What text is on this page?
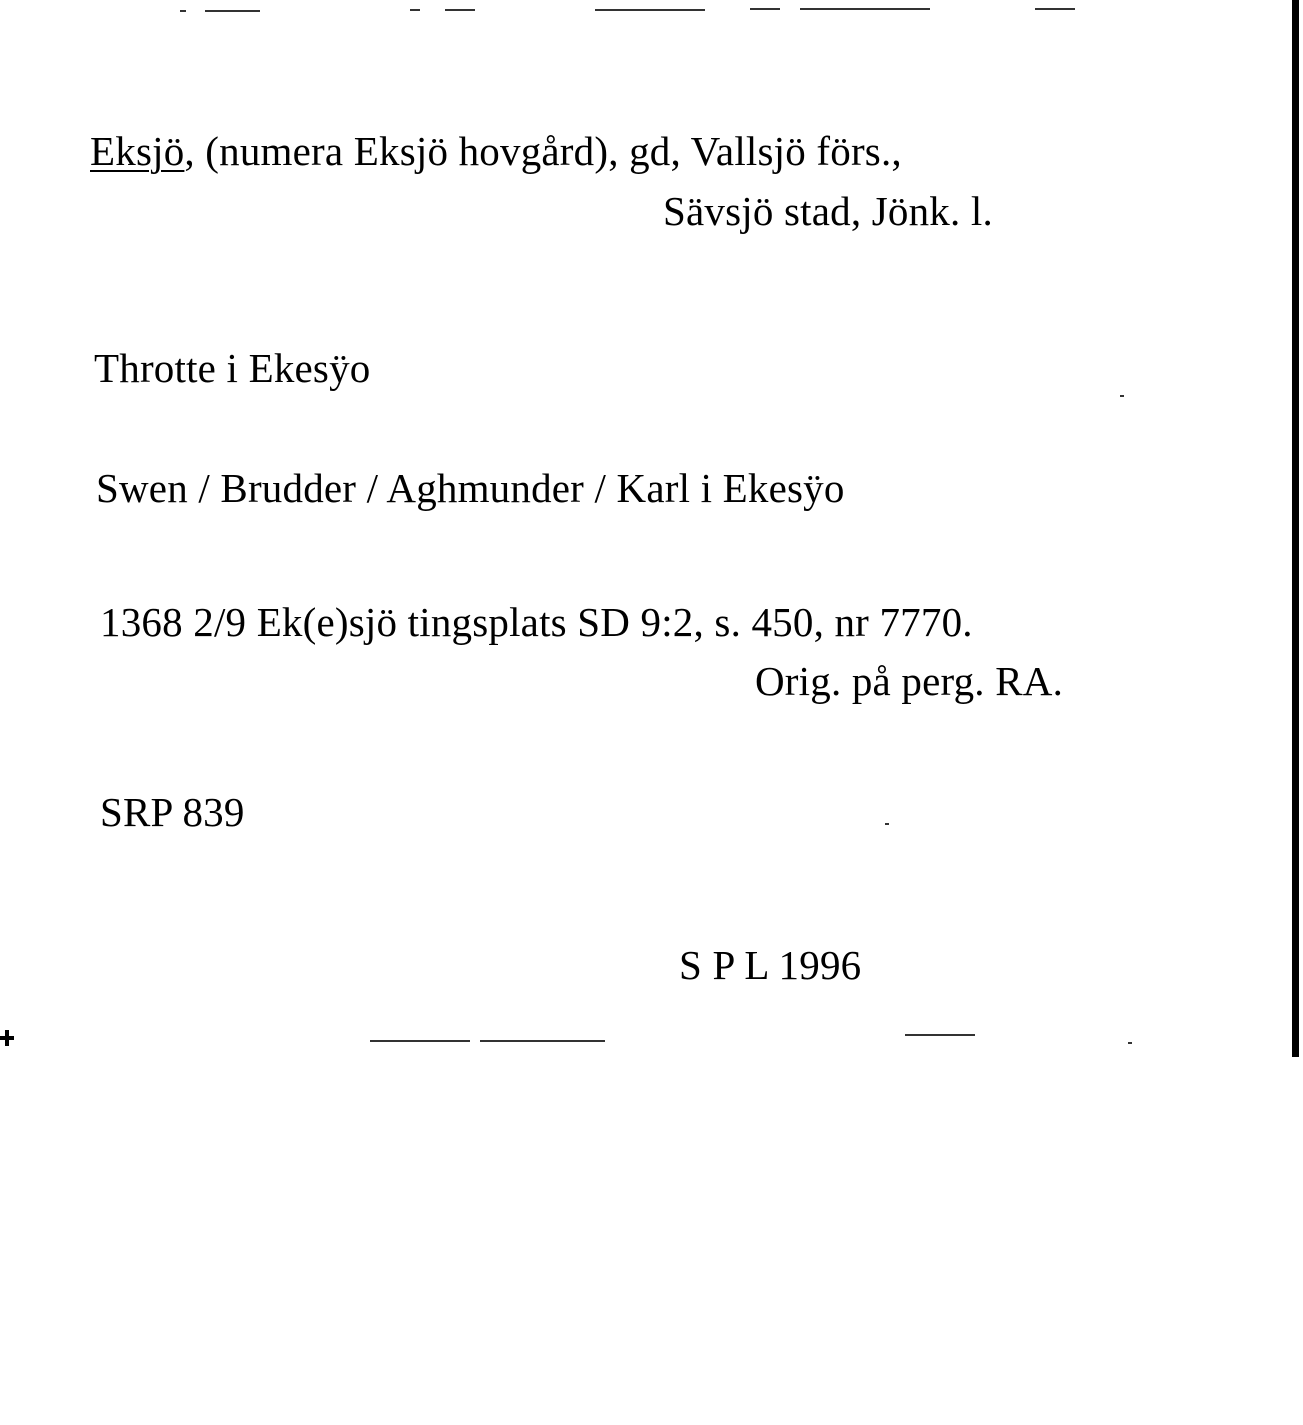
Eksjö, (numera Eksjö hovgård), gd, Vallsjö förs.,
Sävsjö stad, Jönk. l.
Throtte i Ekesÿo
Swen / Brudder / Aghmunder / Karl i Ekesÿo
1368 2/9 Ek(e)sjö tingsplats SD 9:2, s. 450, nr 7770.
Orig. på perg. RA.
SRP 839
S P L 1996
